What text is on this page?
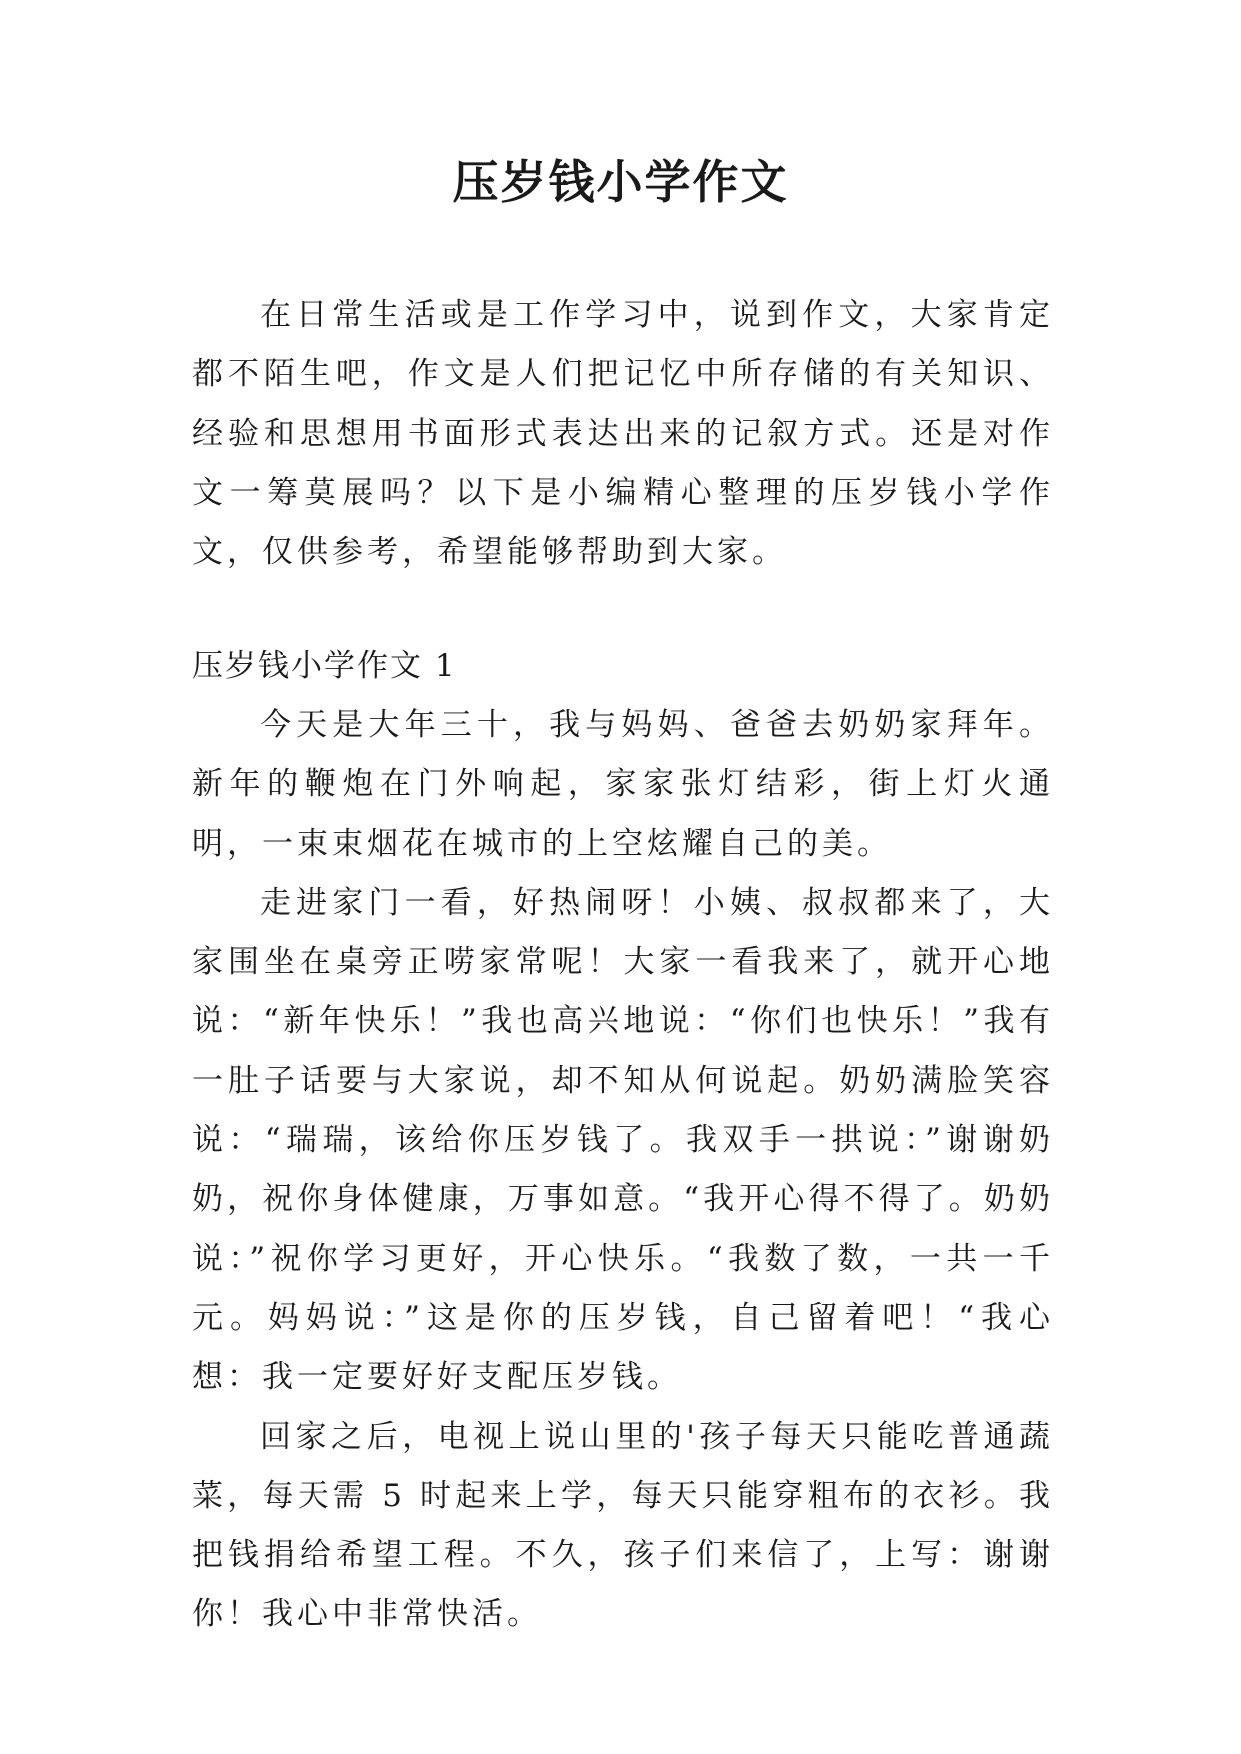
压岁钱小学作文

在日常生活或是工作学习中，说到作文，大家肯定都不陌生吧，作文是人们把记忆中所存储的有关知识、经验和思想用书面形式表达出来的记叙方式。还是对作文一筹莫展吗？以下是小编精心整理的压岁钱小学作文，仅供参考，希望能够帮助到大家。

压岁钱小学作文 1

今天是大年三十，我与妈妈、爸爸去奶奶家拜年。新年的鞭炮在门外响起，家家张灯结彩，街上灯火通明，一束束烟花在城市的上空炫耀自己的美。

走进家门一看，好热闹呀！小姨、叔叔都来了，大家围坐在桌旁正唠家常呢！大家一看我来了，就开心地说：“新年快乐！”我也高兴地说：“你们也快乐！”我有一肚子话要与大家说，却不知从何说起。奶奶满脸笑容说：“瑞瑞，该给你压岁钱了。我双手一拱说：”谢谢奶奶，祝你身体健康，万事如意。“我开心得不得了。奶奶说：”祝你学习更好，开心快乐。“我数了数，一共一千元。妈妈说：”这是你的压岁钱，自己留着吧！“我心想：我一定要好好支配压岁钱。

回家之后，电视上说山里的'孩子每天只能吃普通蔬菜，每天需 5 时起来上学，每天只能穿粗布的衣衫。我把钱捐给希望工程。不久，孩子们来信了，上写：谢谢你！我心中非常快活。
